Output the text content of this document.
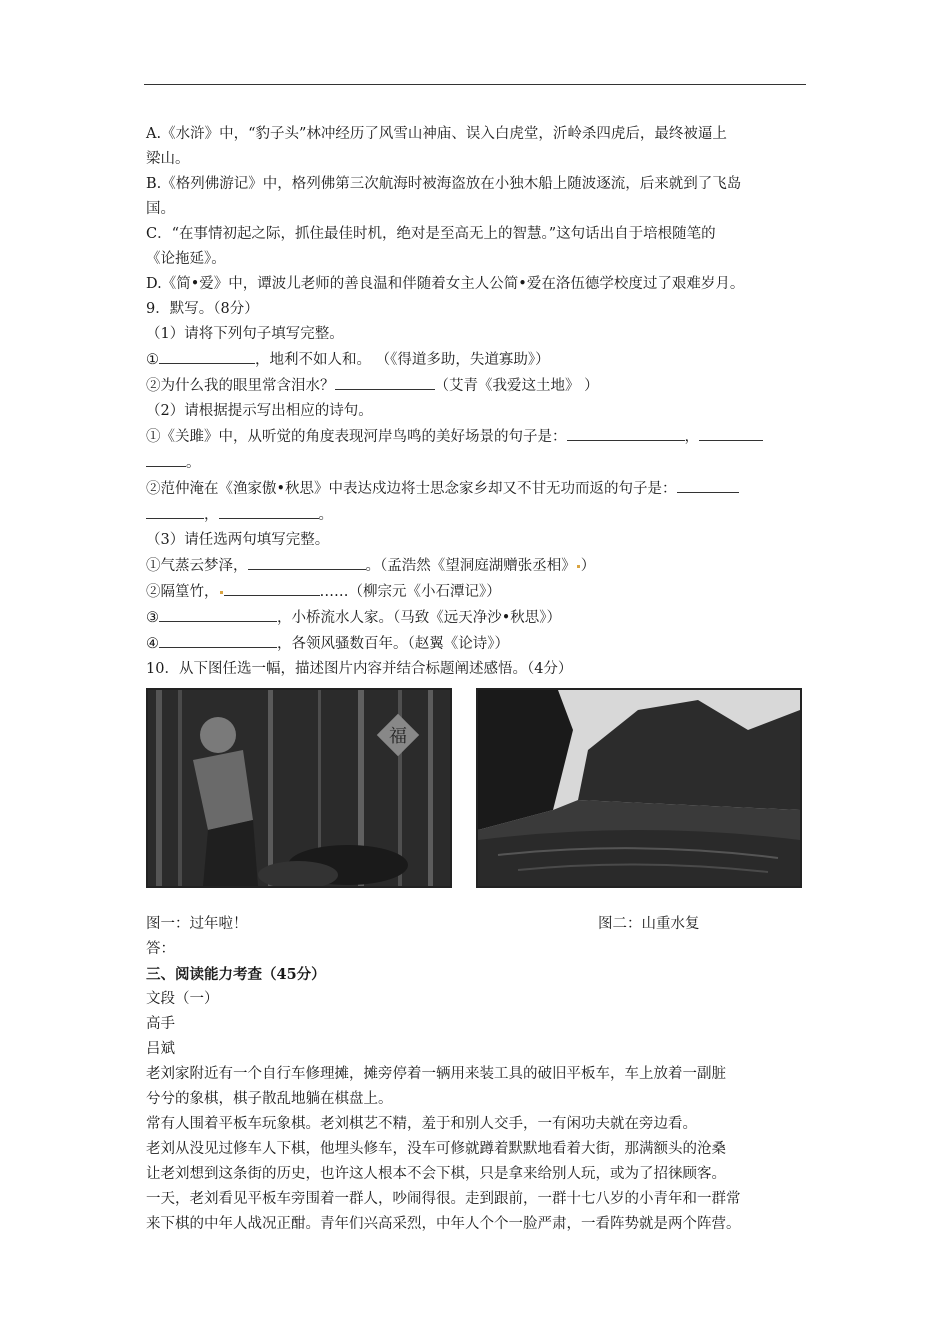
A.《水浒》中，“豹子头”林冲经历了风雪山神庙、误入白虎堂，沂岭杀四虎后，最终被逼上
梁山。
B.《格列佛游记》中，格列佛第三次航海时被海盗放在小独木船上随波逐流，后来就到了飞岛
国。
C．“在事情初起之际，抓住最佳时机，绝对是至高无上的智慧。”这句话出自于培根随笔的
《论拖延》。
D.《简•爱》中，谭波儿老师的善良温和伴随着女主人公简•爱在洛伍德学校度过了艰难岁月。
9．默写。（8分）
（1）请将下列句子填写完整。
①	，地利不如人和。 （《得道多助，失道寡助》）
②为什么我的眼里常含泪水？	（艾青《我爱这土地》 ）
（2）请根据提示写出相应的诗句。
①《关雎》中，从听觉的角度表现河岸鸟鸣的美好场景的句子是：	，
。
②范仲淹在《渔家傲•秋思》中表达戍边将士思念家乡却又不甘无功而返的句子是：
，	。
（3）请任选两句填写完整。
①气蒸云梦泽，	。（孟浩然《望洞庭湖赠张丞相》 ）
②隔篁竹，	……（柳宗元《小石潭记》）
③	，小桥流水人家。（马致《远天净沙•秋思》）
④	，各领风骚数百年。（赵翼《论诗》）
10．从下图任选一幅，描述图片内容并结合标题阐述感悟。（4分）
福
图一：过年啦！	图二：山重水复
答：
三、阅读能力考查（45分）
文段（一）
高手
吕斌
老刘家附近有一个自行车修理摊，摊旁停着一辆用来装工具的破旧平板车，车上放着一副脏
兮兮的象棋，棋子散乱地躺在棋盘上。
常有人围着平板车玩象棋。老刘棋艺不精，羞于和别人交手，一有闲功夫就在旁边看。
老刘从没见过修车人下棋，他埋头修车，没车可修就蹲着默默地看着大街，那满额头的沧桑
让老刘想到这条街的历史，也许这人根本不会下棋，只是拿来给别人玩，或为了招徕顾客。
一天，老刘看见平板车旁围着一群人，吵闹得很。走到跟前，一群十七八岁的小青年和一群常
来下棋的中年人战况正酣。青年们兴高采烈，中年人个个一脸严肃，一看阵势就是两个阵营。
